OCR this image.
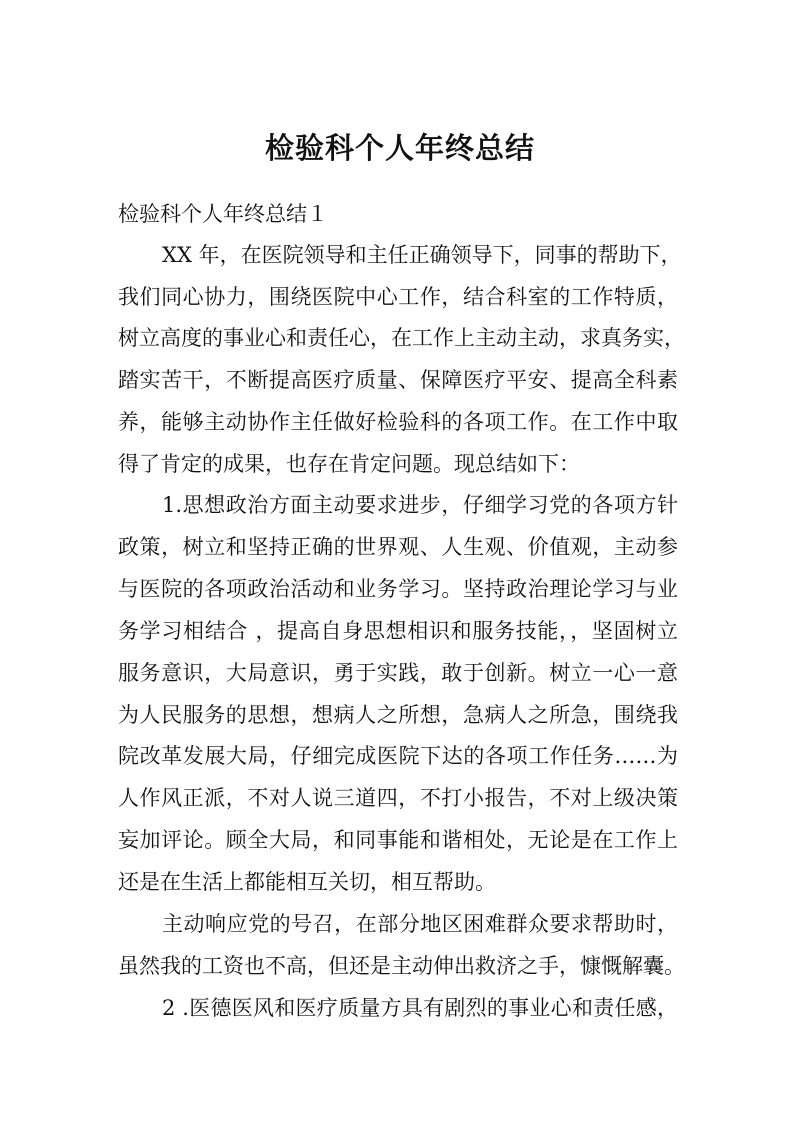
检验科个人年终总结
检验科个人年终总结１
XX 年，在医院领导和主任正确领导下，同事的帮助下，
我们同心协力，围绕医院中心工作，结合科室的工作特质，
树立高度的事业心和责任心，在工作上主动主动，求真务实，
踏实苦干，不断提高医疗质量、保障医疗平安、提高全科素
养，能够主动协作主任做好检验科的各项工作。在工作中取
得了肯定的成果，也存在肯定问题。现总结如下：
1.思想政治方面主动要求进步，仔细学习党的各项方针
政策，树立和坚持正确的世界观、人生观、价值观，主动参
与医院的各项政治活动和业务学习。坚持政治理论学习与业
务学习相结合 ，提高自身思想相识和服务技能，，坚固树立
服务意识，大局意识，勇于实践，敢于创新。树立一心一意
为人民服务的思想，想病人之所想，急病人之所急，围绕我
院改革发展大局，仔细完成医院下达的各项工作任务……为
人作风正派，不对人说三道四，不打小报告，不对上级决策
妄加评论。顾全大局，和同事能和谐相处，无论是在工作上
还是在生活上都能相互关切，相互帮助。
主动响应党的号召，在部分地区困难群众要求帮助时，
虽然我的工资也不高，但还是主动伸出救济之手，慷慨解囊。
2 .医德医风和医疗质量方具有剧烈的事业心和责任感，
